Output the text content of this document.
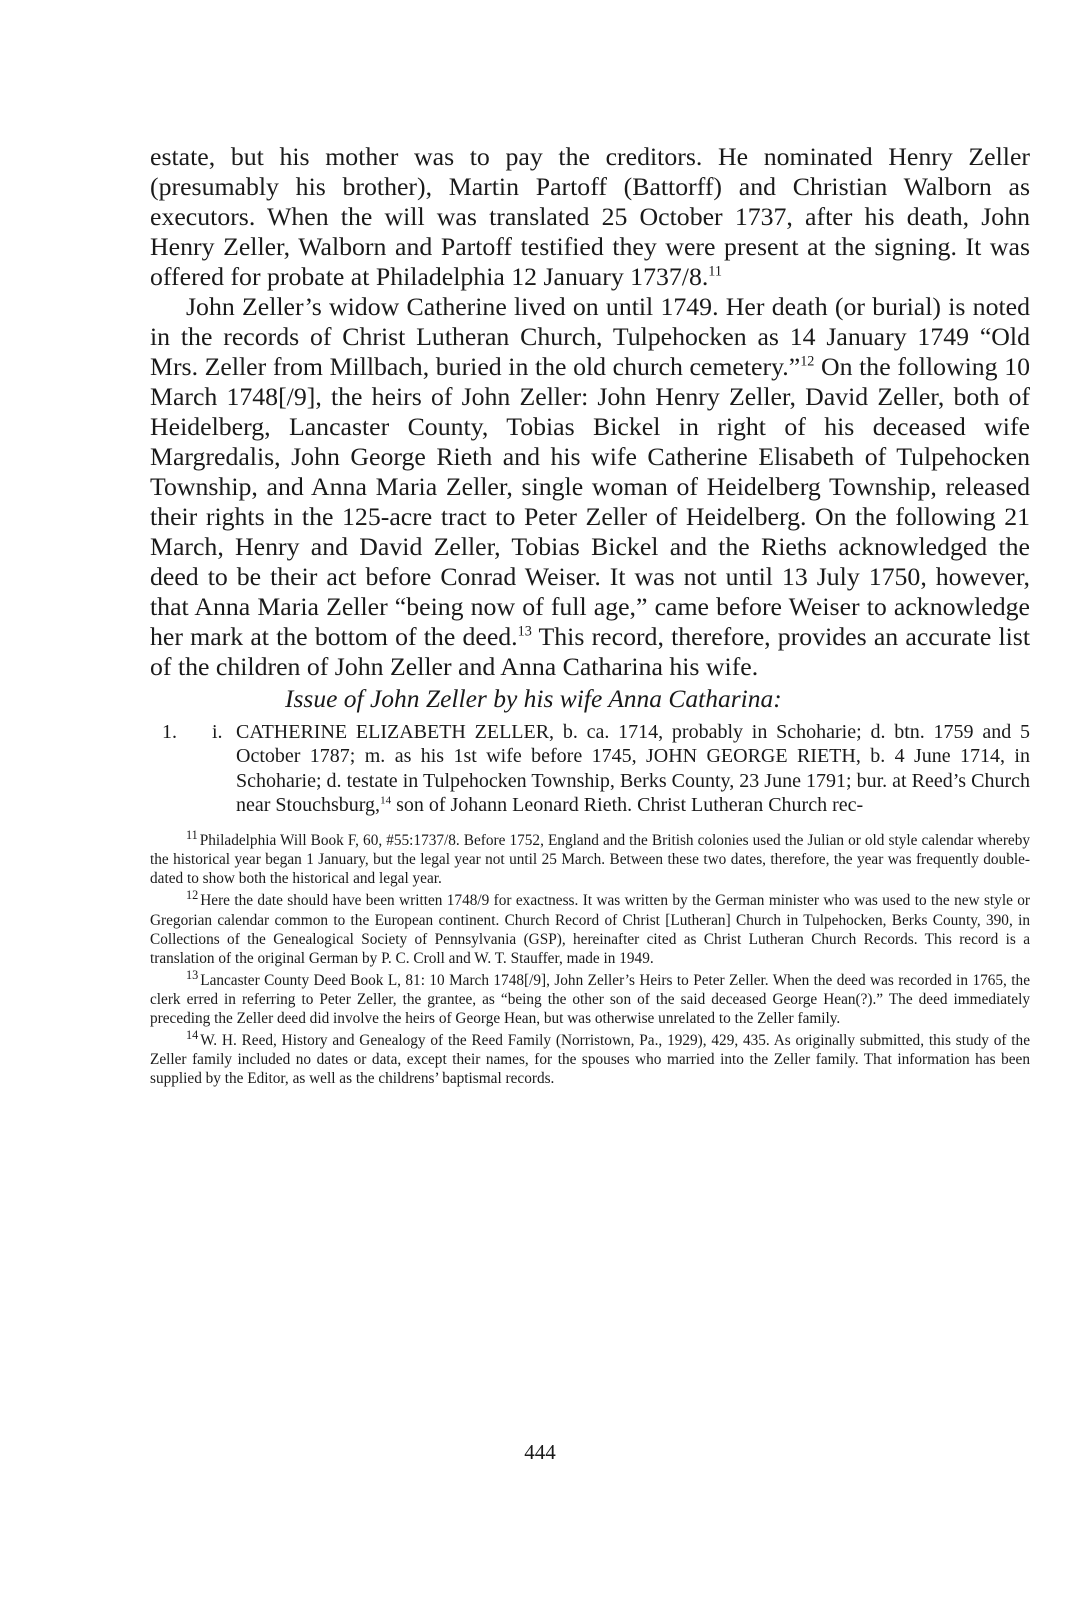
estate, but his mother was to pay the creditors. He nominated Henry Zeller (presumably his brother), Martin Partoff (Battorff) and Christian Walborn as executors. When the will was translated 25 October 1737, after his death, John Henry Zeller, Walborn and Partoff testified they were present at the signing. It was offered for probate at Philadelphia 12 January 1737/8.11

John Zeller’s widow Catherine lived on until 1749. Her death (or burial) is noted in the records of Christ Lutheran Church, Tulpehocken as 14 January 1749 “Old Mrs. Zeller from Millbach, buried in the old church cemetery.”$^{12}$ On the following 10 March 1748[/9], the heirs of John Zeller: John Henry Zeller, David Zeller, both of Heidelberg, Lancaster County, Tobias Bickel in right of his deceased wife Margredalis, John George Rieth and his wife Catherine Elisabeth of Tulpehocken Township, and Anna Maria Zeller, single woman of Heidelberg Township, released their rights in the 125-acre tract to Peter Zeller of Heidelberg. On the following 21 March, Henry and David Zeller, Tobias Bickel and the Rieths acknowledged the deed to be their act before Conrad Weiser. It was not until 13 July 1750, however, that Anna Maria Zeller “being now of full age,” came before Weiser to acknowledge her mark at the bottom of the deed.$^{13}$ This record, therefore, provides an accurate list of the children of John Zeller and Anna Catharina his wife.

Issue of John Zeller by his wife Anna Catharina:
1. i. CATHERINE ELIZABETH ZELLER, b. ca. 1714, probably in Schoharie; d. btn. 1759 and 5 October 1787; m. as his 1st wife before 1745, JOHN GEORGE RIETH, b. 4 June 1714, in Schoharie; d. testate in Tulpehocken Township, Berks County, 23 June 1791; bur. at Reed’s Church near Stouchsburg,$^{14}$ son of Johann Leonard Rieth. Christ Lutheran Church rec-

$^{11}$ Philadelphia Will Book F, 60, #55:1737/8. Before 1752, England and the British colonies used the Julian or old style calendar whereby the historical year began 1 January, but the legal year not until 25 March. Between these two dates, therefore, the year was frequently double-dated to show both the historical and legal year.

$^{12}$ Here the date should have been written 1748/9 for exactness. It was written by the German minister who was used to the new style or Gregorian calendar common to the European continent. Church Record of Christ [Lutheran] Church in Tulpehocken, Berks County, 390, in Collections of the Genealogical Society of Pennsylvania (GSP), hereinafter cited as Christ Lutheran Church Records. This record is a translation of the original German by P. C. Croll and W. T. Stauffer, made in 1949.

$^{13}$ Lancaster County Deed Book L, 81: 10 March 1748[/9], John Zeller’s Heirs to Peter Zeller. When the deed was recorded in 1765, the clerk erred in referring to Peter Zeller, the grantee, as “being the other son of the said deceased George Hean(?).” The deed immediately preceding the Zeller deed did involve the heirs of George Hean, but was otherwise unrelated to the Zeller family.

$^{14}$ W. H. Reed, History and Genealogy of the Reed Family (Norristown, Pa., 1929), 429, 435. As originally submitted, this study of the Zeller family included no dates or data, except their names, for the spouses who married into the Zeller family. That information has been supplied by the Editor, as well as the childrens’ baptismal records.

444
